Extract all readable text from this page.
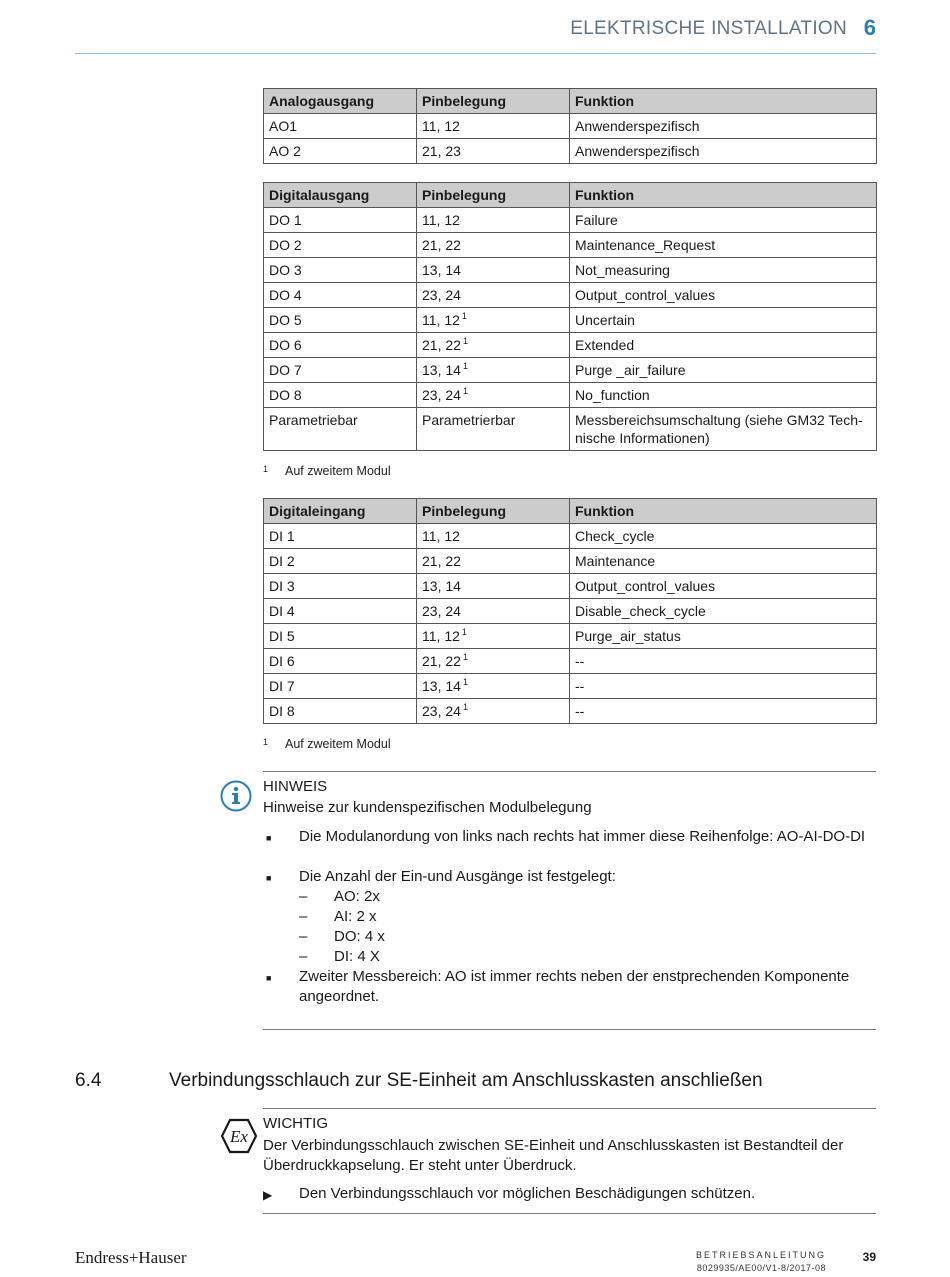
ELEKTRISCHE INSTALLATION 6
Analogausgang	Pinbelegung	Funktion
AO1	11, 12	Anwenderspezifisch
AO 2	21, 23	Anwenderspezifisch
Digitalausgang	Pinbelegung	Funktion
DO 1	11, 12	Failure
DO 2	21, 22	Maintenance_Request
DO 3	13, 14	Not_measuring
DO 4	23, 24	Output_control_values
DO 5	11, 12 $^1$	Uncertain
DO 6	21, 22 $^1$	Extended
DO 7	13, 14 $^1$	Purge _air_failure
DO 8	23, 24 $^1$	No_function
Parametriebar	Parametrierbar	Messbereichsumschaltung (siehe GM32 Technische Informationen)
1 Auf zweitem Modul
Digitaleingang	Pinbelegung	Funktion
DI 1	11, 12	Check_cycle
DI 2	21, 22	Maintenance
DI 3	13, 14	Output_control_values
DI 4	23, 24	Disable_check_cycle
DI 5	11, 12 $^1$	Purge_air_status
DI 6	21, 22 $^1$	--
DI 7	13, 14 $^1$	--
DI 8	23, 24 $^1$	--
1 Auf zweitem Modul
HINWEIS
Hinweise zur kundenspezifischen Modulbelegung
■	Die Modulanordung von links nach rechts hat immer diese Reihenfolge: AO-AI-DO-DI
■	Die Anzahl der Ein-und Ausgänge ist festgelegt:
– AO: 2x
– AI: 2 x
– DO: 4 x
– DI: 4 X
■	Zweiter Messbereich: AO ist immer rechts neben der enstprechenden Komponente angeordnet.
6.4	Verbindungsschlauch zur SE-Einheit am Anschlusskasten anschließen
Ex
WICHTIG
Der Verbindungsschlauch zwischen SE-Einheit und Anschlusskasten ist Bestandteil der Überdruckkapselung. Er steht unter Überdruck.
▶ Den Verbindungsschlauch vor möglichen Beschädigungen schützen.
Endress+Hauser	BETRIEBSANLEITUNG
8029935/AE00/V1-8/2017-08
39
